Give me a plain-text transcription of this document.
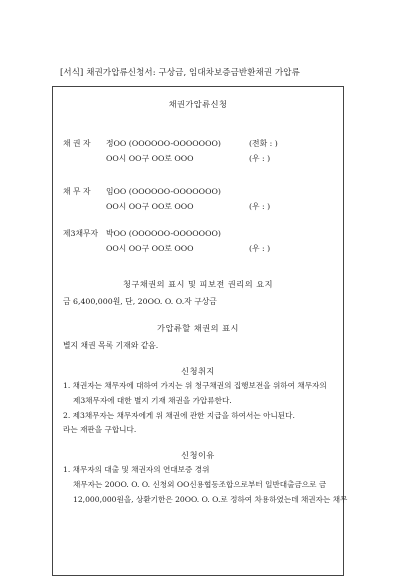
[서식] 채권가압류신청서: 구상금, 임대차보증금반환채권 가압류
채권가압류신청
채 권 자 정OO (OOOOOO-OOOOOOO)	(전화 : )
OO시 OO구 OO로 OOO	(우 : )
채 무 자 임OO (OOOOOO-OOOOOOO)
OO시 OO구 OO로 OOO	(우 : )
제3채무자 박OO (OOOOOO-OOOOOOO)
OO시 OO구 OO로 OOO	(우 : )
청구채권의 표시 및 피보전 권리의 요지
금 6,400,000원, 단, 20OO. O. O.자 구상금
가압류할 채권의 표시
별지 채권 목록 기재와 같음.
신청취지
1. 채권자는 채무자에 대하여 가지는 위 청구채권의 집행보전을 위하여 채무자의
제3채무자에 대한 별지 기재 채권을 가압류한다.
2. 제3채무자는 채무자에게 위 채권에 관한 지급을 하여서는 아니된다.
라는 재판을 구합니다.
신청이유
1. 채무자의 대출 및 채권자의 연대보증 경위
채무자는 20OO. O. O. 신청외 OO신용협동조합으로부터 일반대출금으로 금
12,000,000원을, 상환기한은 20OO. O. O.로 정하여 차용하였는데 채권자는 채무
